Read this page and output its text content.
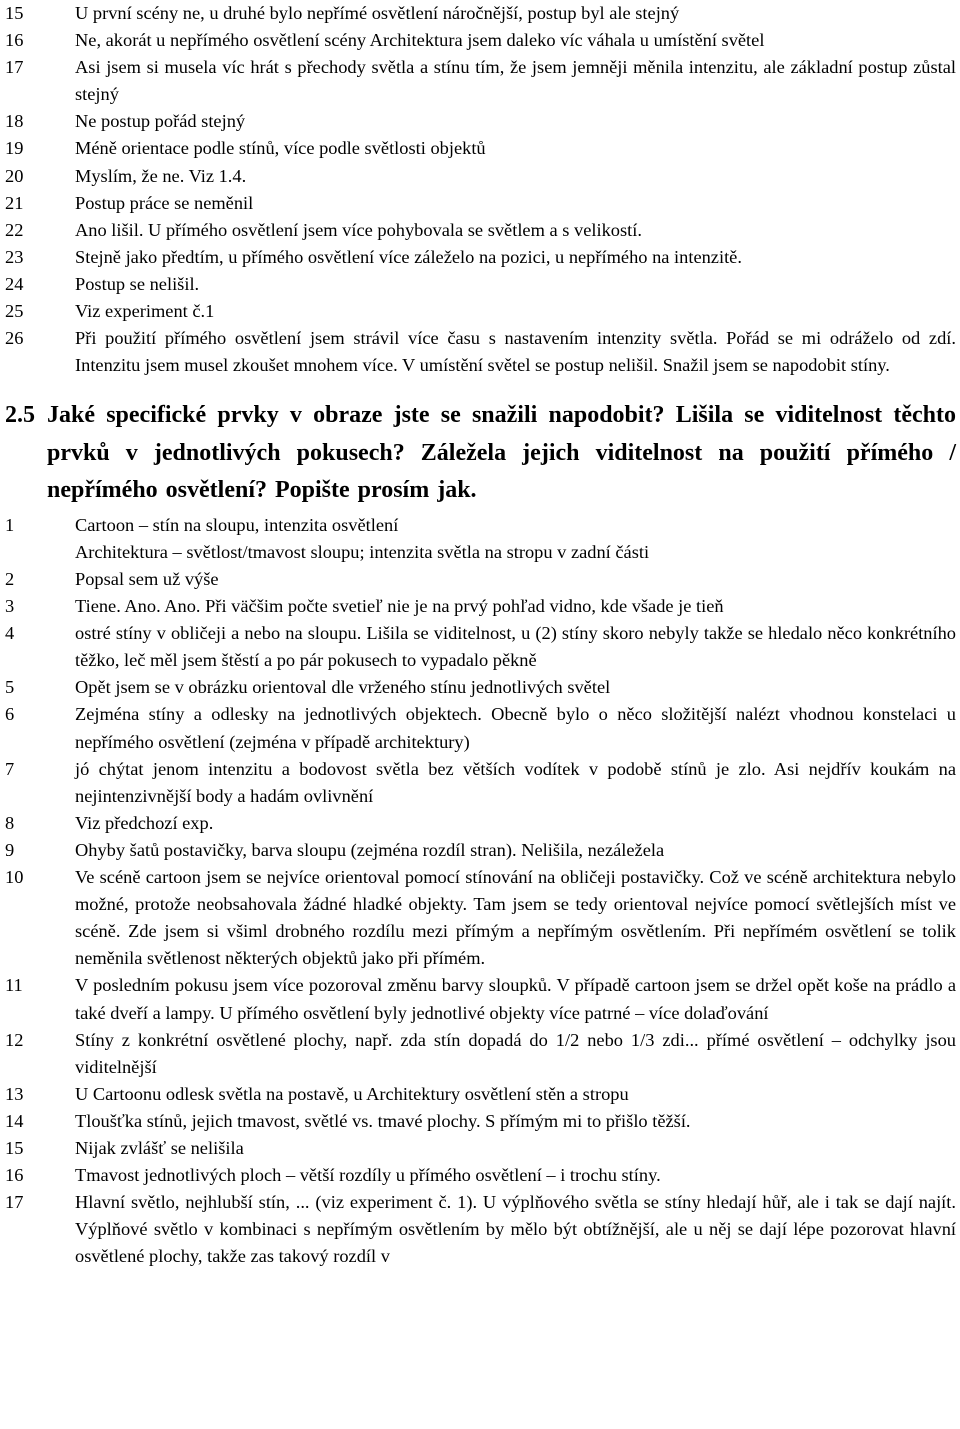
15	U první scény ne, u druhé bylo nepřímé osvětlení náročnější, postup byl ale stejný

16	Ne, akorát u nepřímého osvětlení scény Architektura jsem daleko víc váhala u umístění světel

17	Asi jsem si musela víc hrát s přechody světla a stínu tím, že jsem jemněji měnila intenzitu, ale základní postup zůstal stejný

18	Ne postup pořád stejný

19	Méně orientace podle stínů, více podle světlosti objektů

20	Myslím, že ne. Viz 1.4.

21	Postup práce se neměnil

22	Ano lišil. U přímého osvětlení jsem více pohybovala se světlem a s velikostí.

23	Stejně jako předtím, u přímého osvětlení více záleželo na pozici, u nepřímého na intenzitě.

24	Postup se nelišil.

25	Viz experiment č.1

26	Při použití přímého osvětlení jsem strávil více času s nastavením intenzity světla. Pořád se mi odráželo od zdí. Intenzitu jsem musel zkoušet mnohem více. V umístění světel se postup nelišil. Snažil jsem se napodobit stíny.

2.5 Jaké specifické prvky v obraze jste se snažili napodobit? Lišila se viditelnost těchto prvků v jednotlivých pokusech? Záležela jejich viditelnost na použití přímého / nepřímého osvětlení? Popište prosím jak.

1	Cartoon – stín na sloupu, intenzita osvětlení

Architektura – světlost/tmavost sloupu; intenzita světla na stropu v zadní části

2	Popsal sem už výše

3	Tiene. Ano. Ano. Při väčšim počte svetieľ nie je na prvý pohľad vidno, kde všade je tieň

4	ostré stíny v obličeji a nebo na sloupu. Lišila se viditelnost, u (2) stíny skoro nebyly takže se hledalo něco konkrétního těžko, leč měl jsem štěstí a po pár pokusech to vypadalo pěkně

5	Opět jsem se v obrázku orientoval dle vrženého stínu jednotlivých světel

6	Zejména stíny a odlesky na jednotlivých objektech. Obecně bylo o něco složitější nalézt vhodnou konstelaci u nepřímého osvětlení (zejména v případě architektury)

7	jó chýtat jenom intenzitu a bodovost světla bez větších vodítek v podobě stínů je zlo. Asi nejdřív koukám na nejintenzivnější body a hadám ovlivnění

8	Viz předchozí exp.

9	Ohyby šatů postavičky, barva sloupu (zejména rozdíl stran). Nelišila, nezáležela

10	Ve scéně cartoon jsem se nejvíce orientoval pomocí stínování na obličeji postavičky. Což ve scéně architektura nebylo možné, protože neobsahovala žádné hladké objekty. Tam jsem se tedy orientoval nejvíce pomocí světlejších míst ve scéně. Zde jsem si všiml drobného rozdílu mezi přímým a nepřímým osvětlením. Při nepřímém osvětlení se tolik neměnila světlenost některých objektů jako při přímém.

11	V posledním pokusu jsem více pozoroval změnu barvy sloupků. V případě cartoon jsem se držel opět koše na prádlo a také dveří a lampy. U přímého osvětlení byly jednotlivé objekty více patrné – více dolaďování

12	Stíny z konkrétní osvětlené plochy, např. zda stín dopadá do 1/2 nebo 1/3 zdi... přímé osvětlení – odchylky jsou viditelnější

13	U Cartoonu odlesk světla na postavě, u Architektury osvětlení stěn a stropu

14	Tloušťka stínů, jejich tmavost, světlé vs. tmavé plochy. S přímým mi to přišlo těžší.

15	Nijak zvlášť se nelišila

16	Tmavost jednotlivých ploch – větší rozdíly u přímého osvětlení – i trochu stíny.

17	Hlavní světlo, nejhlubší stín, ... (viz experiment č. 1). U výplňového světla se stíny hledají hůř, ale i tak se dají najít. Výplňové světlo v kombinaci s nepřímým osvětlením by mělo být obtížnější, ale u něj se dají lépe pozorovat hlavní osvětlené plochy, takže zas takový rozdíl v
